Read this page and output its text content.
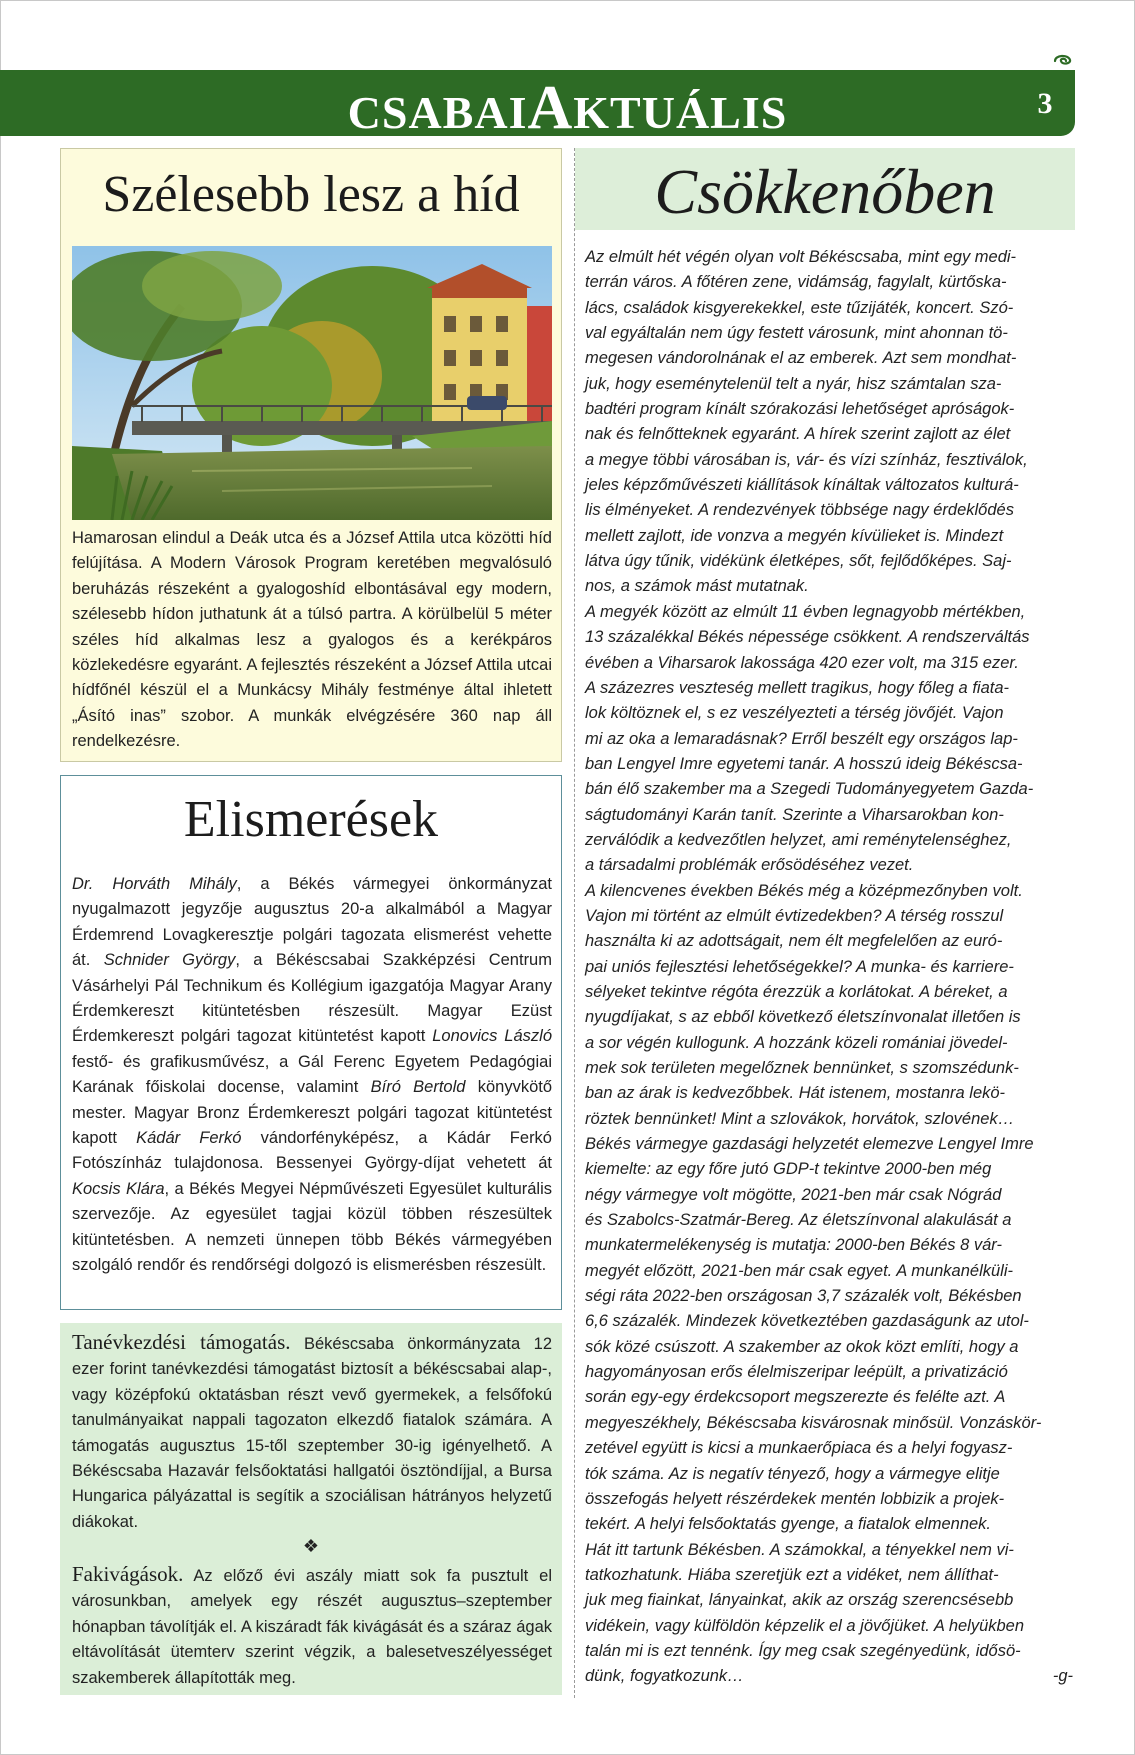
CSABAIAKTUÁLIS	3
Szélesebb lesz a híd

Hamarosan elindul a Deák utca és a József Attila utca közötti híd felújítása. A Modern Városok Program keretében megvalósuló beruházás részeként a gyalogoshíd elbontásával egy modern, szélesebb hídon juthatunk át a túlsó partra. A körülbelül 5 méter széles híd alkalmas lesz a gyalogos és a kerékpáros közlekedésre egyaránt. A fejlesztés részeként a József Attila utcai hídfőnél készül el a Munkácsy Mihály festménye által ihletett „Ásító inas” szobor. A munkák elvégzésére 360 nap áll rendelkezésre.

Elismerések

Dr. Horváth Mihály, a Békés vármegyei önkormányzat nyugalmazott jegyzője augusztus 20-a alkalmából a Magyar Érdemrend Lovagkeresztje polgári tagozata elismerést vehette át. Schnider György, a Békéscsabai Szakképzési Centrum Vásárhelyi Pál Technikum és Kollégium igazgatója Magyar Arany Érdemkereszt kitüntetésben részesült. Magyar Ezüst Érdemkereszt polgári tagozat kitüntetést kapott Lonovics László festő- és grafikusművész, a Gál Ferenc Egyetem Pedagógiai Karának főiskolai docense, valamint Bíró Bertold könyvkötő mester. Magyar Bronz Érdemkereszt polgári tagozat kitüntetést kapott Kádár Ferkó vándorfényképész, a Kádár Ferkó Fotószínház tulajdonosa. Bessenyei György-díjat vehetett át Kocsis Klára, a Békés Megyei Népművészeti Egyesület kulturális szervezője. Az egyesület tagjai közül többen részesültek kitüntetésben. A nemzeti ünnepen több Békés vármegyében szolgáló rendőr és rendőrségi dolgozó is elismerésben részesült.

Tanévkezdési támogatás. Békéscsaba önkormányzata 12 ezer forint tanévkezdési támogatást biztosít a békéscsabai alap-, vagy középfokú oktatásban részt vevő gyermekek, a felsőfokú tanulmányaikat nappali tagozaton elkezdő fiatalok számára. A támogatás augusztus 15-től szeptember 30-ig igényelhető. A Békéscsaba Hazavár felsőoktatási hallgatói ösztöndíjjal, a Bursa Hungarica pályázattal is segítik a szociálisan hátrányos helyzetű diákokat.

❖

Fakivágások. Az előző évi aszály miatt sok fa pusztult el városunkban, amelyek egy részét augusztus–szeptember hónapban távolítják el. A kiszáradt fák kivágását és a száraz ágak eltávolítását ütemterv szerint végzik, a balesetveszélyességet szakemberek állapították meg.

Csökkenőben
Az elmúlt hét végén olyan volt Békéscsaba, mint egy medi-
terrán város. A főtéren zene, vidámság, fagylalt, kürtőska-
lács, családok kisgyerekekkel, este tűzijáték, koncert. Szó-
val egyáltalán nem úgy festett városunk, mint ahonnan tö-
megesen vándorolnának el az emberek. Azt sem mondhat-
juk, hogy eseménytelenül telt a nyár, hisz számtalan sza-
badtéri program kínált szórakozási lehetőséget apróságok-
nak és felnőtteknek egyaránt. A hírek szerint zajlott az élet
a megye többi városában is, vár- és vízi színház, fesztiválok,
jeles képzőművészeti kiállítások kínáltak változatos kulturá-
lis élményeket. A rendezvények többsége nagy érdeklődés
mellett zajlott, ide vonzva a megyén kívülieket is. Mindezt
látva úgy tűnik, vidékünk életképes, sőt, fejlődőképes. Saj-
nos, a számok mást mutatnak.
A megyék között az elmúlt 11 évben legnagyobb mértékben,
13 százalékkal Békés népessége csökkent. A rendszerváltás
évében a Viharsarok lakossága 420 ezer volt, ma 315 ezer.
A százezres veszteség mellett tragikus, hogy főleg a fiata-
lok költöznek el, s ez veszélyezteti a térség jövőjét. Vajon
mi az oka a lemaradásnak? Erről beszélt egy országos lap-
ban Lengyel Imre egyetemi tanár. A hosszú ideig Békéscsa-
bán élő szakember ma a Szegedi Tudományegyetem Gazda-
ságtudományi Karán tanít. Szerinte a Viharsarokban kon-
zerválódik a kedvezőtlen helyzet, ami reménytelenséghez,
a társadalmi problémák erősödéséhez vezet.
A kilencvenes években Békés még a középmezőnyben volt.
Vajon mi történt az elmúlt évtizedekben? A térség rosszul
használta ki az adottságait, nem élt megfelelően az euró-
pai uniós fejlesztési lehetőségekkel? A munka- és karriere-
sélyeket tekintve régóta érezzük a korlátokat. A béreket, a
nyugdíjakat, s az ebből következő életszínvonalat illetően is
a sor végén kullogunk. A hozzánk közeli romániai jövedel-
mek sok területen megelőznek bennünket, s szomszédunk-
ban az árak is kedvezőbbek. Hát istenem, mostanra lekö-
röztek bennünket! Mint a szlovákok, horvátok, szlovének…
Békés vármegye gazdasági helyzetét elemezve Lengyel Imre
kiemelte: az egy főre jutó GDP-t tekintve 2000-ben még
négy vármegye volt mögötte, 2021-ben már csak Nógrád
és Szabolcs-Szatmár-Bereg. Az életszínvonal alakulását a
munkatermelékenység is mutatja: 2000-ben Békés 8 vár-
megyét előzött, 2021-ben már csak egyet. A munkanélküli-
ségi ráta 2022-ben országosan 3,7 százalék volt, Békésben
6,6 százalék. Mindezek következtében gazdaságunk az utol-
sók közé csúszott. A szakember az okok közt említi, hogy a
hagyományosan erős élelmiszeripar leépült, a privatizáció
során egy-egy érdekcsoport megszerezte és felélte azt. A
megyeszékhely, Békéscsaba kisvárosnak minősül. Vonzáskör-
zetével együtt is kicsi a munkaerőpiaca és a helyi fogyasz-
tók száma. Az is negatív tényező, hogy a vármegye elitje
összefogás helyett részérdekek mentén lobbizik a projek-
tekért. A helyi felsőoktatás gyenge, a fiatalok elmennek.
Hát itt tartunk Békésben. A számokkal, a tényekkel nem vi-
tatkozhatunk. Hiába szeretjük ezt a vidéket, nem állíthat-
juk meg fiainkat, lányainkat, akik az ország szerencsésebb
vidékein, vagy külföldön képzelik el a jövőjüket. A helyükben
talán mi is ezt tennénk. Így meg csak szegényedünk, idősö-
dünk, fogyatkozunk…	-g-
